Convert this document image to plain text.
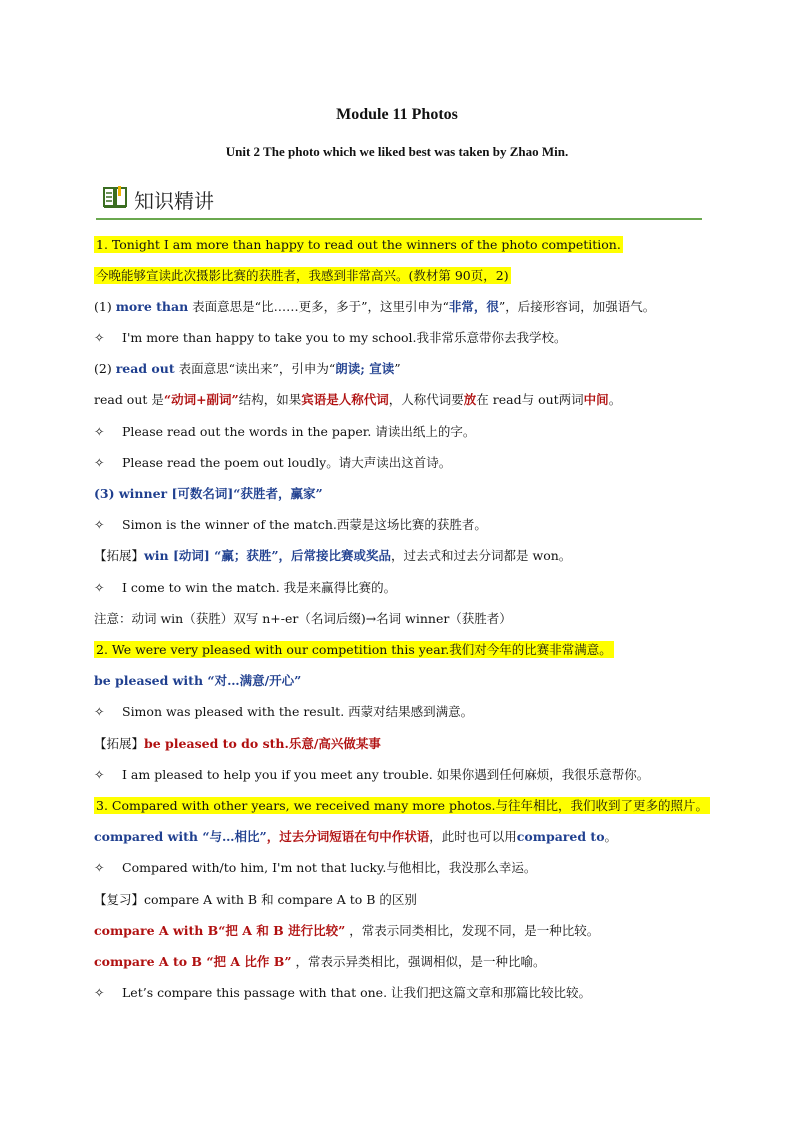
Module 11 Photos
Unit 2 The photo which we liked best was taken by Zhao Min.
知识精讲
1. Tonight I am more than happy to read out the winners of the photo competition.
今晚能够宣读此次摄影比赛的获胜者，我感到非常高兴。(教材第 90页，2)
(1) more than 表面意思是“比……更多，多于”，这里引申为“非常，很”，后接形容词，加强语气。
✧ I'm more than happy to take you to my school.我非常乐意带你去我学校。
(2) read out 表面意思“读出来”，引申为“朗读; 宣读”
read out 是“动词+副词”结构，如果宾语是人称代词，人称代词要放在 read与 out两词中间。
✧ Please read out the words in the paper. 请读出纸上的字。
✧ Please read the poem out loudly。请大声读出这首诗。
(3) winner [可数名词]“获胜者，赢家”
✧ Simon is the winner of the match.西蒙是这场比赛的获胜者。
【拓展】win [动词] “赢；获胜”，后常接比赛或奖品，过去式和过去分词都是 won。
✧ I come to win the match. 我是来赢得比赛的。
注意：动词 win（获胜）双写 n+-er（名词后缀)→名词 winner（获胜者）
2. We were very pleased with our competition this year.我们对今年的比赛非常满意。
be pleased with “对…满意/开心”
✧ Simon was pleased with the result. 西蒙对结果感到满意。
【拓展】be pleased to do sth.乐意/高兴做某事
✧ I am pleased to help you if you meet any trouble. 如果你遇到任何麻烦，我很乐意帮你。
3. Compared with other years, we received many more photos.与往年相比，我们收到了更多的照片。
compared with “与…相比”，过去分词短语在句中作状语，此时也可以用compared to。
✧ Compared with/to him, I'm not that lucky.与他相比，我没那么幸运。
【复习】compare A with B 和 compare A to B 的区别
compare A with B“把 A 和 B 进行比较” ，常表示同类相比，发现不同，是一种比较。
compare A to B “把 A 比作 B” ，常表示异类相比，强调相似，是一种比喻。
✧ Let’s compare this passage with that one. 让我们把这篇文章和那篇比较比较。
